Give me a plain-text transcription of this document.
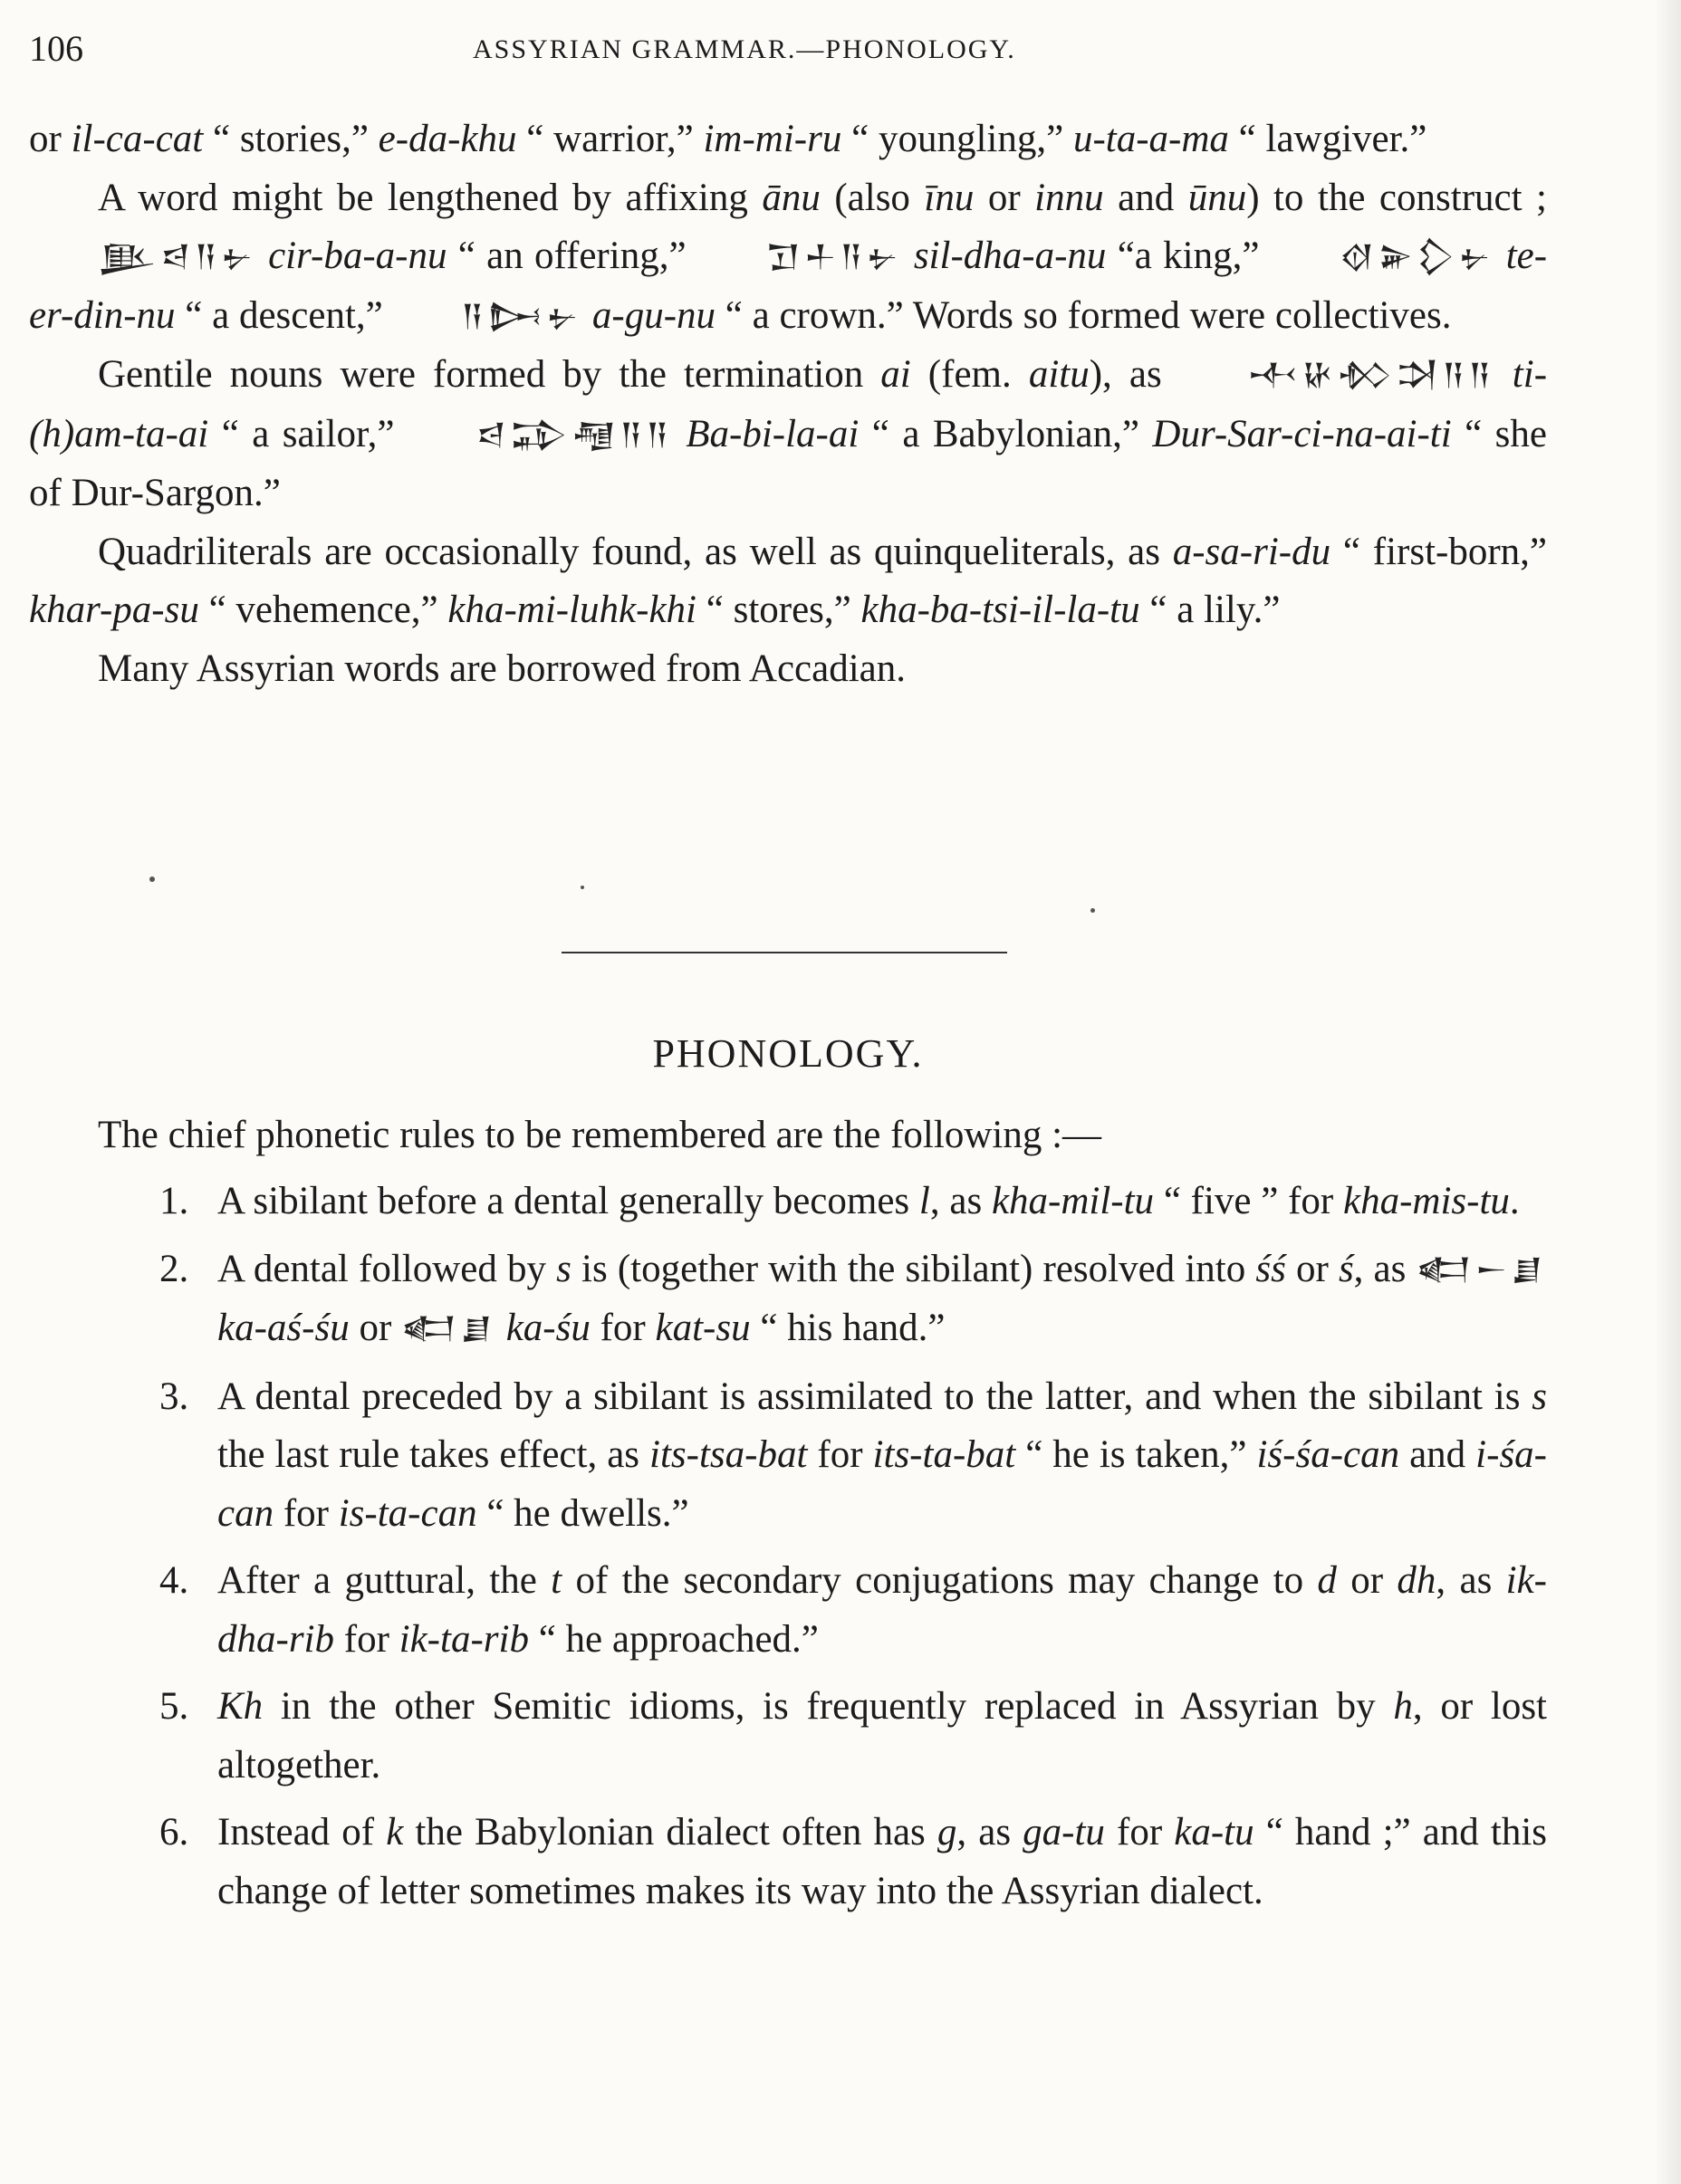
106	ASSYRIAN GRAMMAR.—PHONOLOGY.

or il-ca-cat “ stories,” e-da-khu “ warrior,” im-mi-ru “ youngling,” u-ta-a-ma “ lawgiver.”

A word might be lengthened by affixing ānu (also īnu or innu and ūnu) to the construct ; 𒆥𒁀𒀀𒉡 cir-ba-a-nu “ an offering,” 𒋛𒈦𒀀𒉡 sil-dha-a-nu “a king,” 𒋼𒅕𒁷𒉡 te-er-din-nu “ a descent,” 𒀀𒄖𒉡 a-gu-nu “ a crown.” Words so formed were collectives.

Gentile nouns were formed by the termination ai (fem. aitu), as 𒋾𒄩𒁴𒋫𒀀𒀀 ti-(h)am-ta-ai “ a sailor,” 𒁀𒁉𒆷𒀀𒀀 Ba-bi-la-ai “ a Babylonian,” Dur-Sar-ci-na-ai-ti “ she of Dur-Sargon.”

Quadriliterals are occasionally found, as well as quinqueliterals, as a-sa-ri-du “ first-born,” khar-pa-su “ vehemence,” kha-mi-luhk-khi “ stores,” kha-ba-tsi-il-la-tu “ a lily.”

Many Assyrian words are borrowed from Accadian.

PHONOLOGY.
The chief phonetic rules to be remembered are the following :—
1. A sibilant before a dental generally becomes l, as kha-mil-tu “ five ” for kha-mis-tu.
2. A dental followed by s is (together with the sibilant) resolved into śś or ś, as 𒅗𒀸𒋗 ka-aś-śu or 𒅗𒋗 ka-śu for kat-su “ his hand.”
3. A dental preceded by a sibilant is assimilated to the latter, and when the sibilant is s the last rule takes effect, as its-tsa-bat for its-ta-bat “ he is taken,” iś-śa-can and i-śa-can for is-ta-can “ he dwells.”
4. After a guttural, the t of the secondary conjugations may change to d or dh, as ik-dha-rib for ik-ta-rib “ he approached.”
5. Kh in the other Semitic idioms, is frequently replaced in Assyrian by h, or lost altogether.
6. Instead of k the Babylonian dialect often has g, as ga-tu for ka-tu “ hand ;” and this change of letter sometimes makes its way into the Assyrian dialect.
